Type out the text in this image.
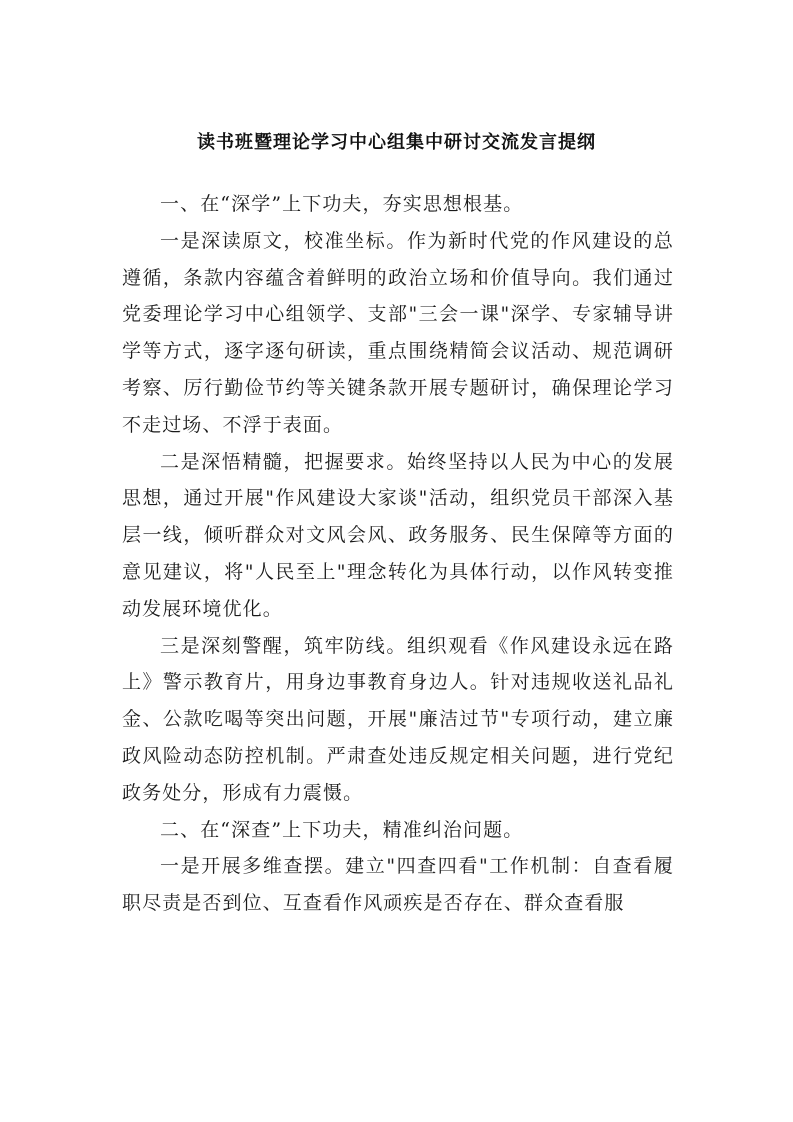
读书班暨理论学习中心组集中研讨交流发言提纲

一、在“深学”上下功夫，夯实思想根基。

一是深读原文，校准坐标。作为新时代党的作风建设的总遵循，条款内容蕴含着鲜明的政治立场和价值导向。我们通过党委理论学习中心组领学、支部"三会一课"深学、专家辅导讲学等方式，逐字逐句研读，重点围绕精简会议活动、规范调研考察、厉行勤俭节约等关键条款开展专题研讨，确保理论学习不走过场、不浮于表面。

二是深悟精髓，把握要求。始终坚持以人民为中心的发展思想，通过开展"作风建设大家谈"活动，组织党员干部深入基层一线，倾听群众对文风会风、政务服务、民生保障等方面的意见建议，将"人民至上"理念转化为具体行动，以作风转变推动发展环境优化。

三是深刻警醒，筑牢防线。组织观看《作风建设永远在路上》警示教育片，用身边事教育身边人。针对违规收送礼品礼金、公款吃喝等突出问题，开展"廉洁过节"专项行动，建立廉政风险动态防控机制。严肃查处违反规定相关问题，进行党纪政务处分，形成有力震慑。

二、在“深查”上下功夫，精准纠治问题。

一是开展多维查摆。建立"四查四看"工作机制：自查看履职尽责是否到位、互查看作风顽疾是否存在、群众查看服
